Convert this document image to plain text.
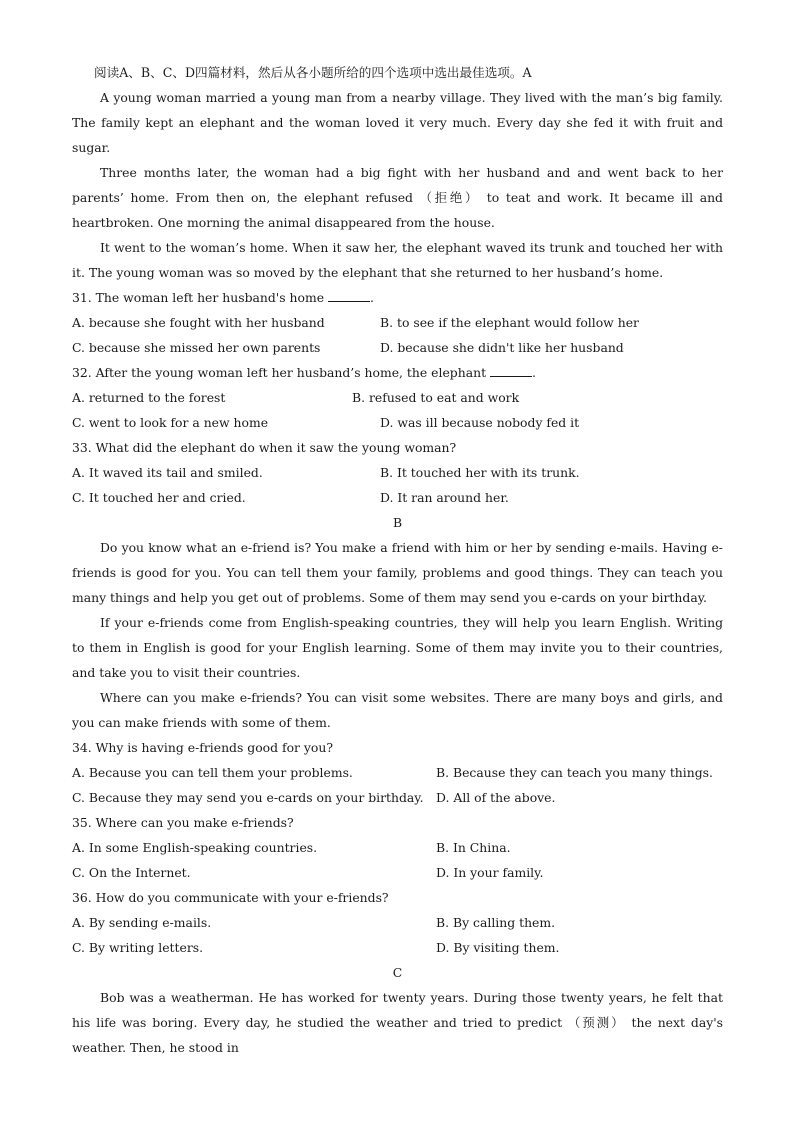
阅读A、B、C、D四篇材料，然后从各小题所给的四个选项中选出最佳选项。A

A young woman married a young man from a nearby village. They lived with the man’s big family. The family kept an elephant and the woman loved it very much. Every day she fed it with fruit and sugar.

Three months later, the woman had a big fight with her husband and and went back to her parents’ home. From then on, the elephant refused （拒绝） to teat and work. It became ill and heartbroken. One morning the animal disappeared from the house.

It went to the woman’s home. When it saw her, the elephant waved its trunk and touched her with it. The young woman was so moved by the elephant that she returned to her husband’s home.

31. The woman left her husband's home	.
A. because she fought with her husband	B. to see if the elephant would follow her
C. because she missed her own parents	D. because she didn't like her husband
32. After the young woman left her husband’s home, the elephant	.
A. returned to the forest	B. refused to eat and work
C. went to look for a new home	D. was ill because nobody fed it
33. What did the elephant do when it saw the young woman?
A. It waved its tail and smiled.	B. It touched her with its trunk.
C. It touched her and cried.	D. It ran around her.
B

Do you know what an e-friend is? You make a friend with him or her by sending e-mails. Having e-friends is good for you. You can tell them your family, problems and good things. They can teach you many things and help you get out of problems. Some of them may send you e-cards on your birthday.

If your e-friends come from English-speaking countries, they will help you learn English. Writing to them in English is good for your English learning. Some of them may invite you to their countries, and take you to visit their countries.

Where can you make e-friends? You can visit some websites. There are many boys and girls, and you can make friends with some of them.

34. Why is having e-friends good for you?
A. Because you can tell them your problems.	B. Because they can teach you many things.
C. Because they may send you e-cards on your birthday.	D. All of the above.
35. Where can you make e-friends?
A. In some English-speaking countries.	B. In China.
C. On the Internet.	D. In your family.
36. How do you communicate with your e-friends?
A. By sending e-mails.	B. By calling them.
C. By writing letters.	D. By visiting them.
C

Bob was a weatherman. He has worked for twenty years. During those twenty years, he felt that his life was boring. Every day, he studied the weather and tried to predict （预测） the next day's weather. Then, he stood in
